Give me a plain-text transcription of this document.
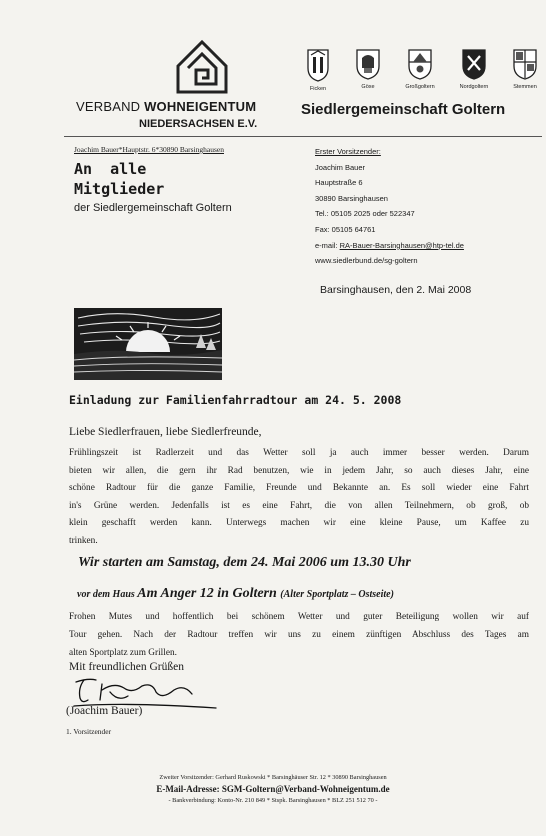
VERBAND WOHNEIGENTUM
NIEDERSACHSEN E.V.
Ficken	Göxe	Großgoltern	Nordgoltern	Stemmen
Siedlergemeinschaft Goltern
Joachim Bauer*Hauptstr. 6*30890 Barsinghausen
An  alle
Mitglieder
der Siedlergemeinschaft Goltern
Erster Vorsitzender:
Joachim Bauer
Hauptstraße 6
30890 Barsinghausen
Tel.: 05105 2025 oder 522347
Fax: 05105 64761
e-mail: RA-Bauer-Barsinghausen@htp-tel.de
www.siedlerbund.de/sg-goltern
Barsinghausen, den 2. Mai 2008
Einladung zur Familienfahrradtour am 24. 5. 2008
Liebe Siedlerfrauen, liebe Siedlerfreunde,
Frühlingszeit ist Radlerzeit und das Wetter soll ja auch immer besser werden. Darum
bieten wir allen, die gern ihr Rad benutzen, wie in jedem Jahr, so auch dieses Jahr, eine
schöne Radtour für die ganze Familie, Freunde und Bekannte an. Es soll wieder eine Fahrt
in's Grüne werden. Jedenfalls ist es eine Fahrt, die von allen Teilnehmern, ob groß, ob
klein geschafft werden kann. Unterwegs machen wir eine kleine Pause, um Kaffee zu
trinken.
Wir starten am Samstag, dem 24. Mai 2006 um 13.30 Uhr
vor dem Haus Am Anger 12 in Goltern (Alter Sportplatz – Ostseite)
Frohen Mutes und hoffentlich bei schönem Wetter und guter Beteiligung wollen wir auf
Tour gehen. Nach der Radtour treffen wir uns zu einem zünftigen Abschluss des Tages am
alten Sportplatz zum Grillen.
Mit freundlichen Grüßen
(Joachim Bauer)
1. Vorsitzender
Zweiter Vorsitzender: Gerhard Ruskowski * Barsinghäuser Str. 12 * 30890 Barsinghausen
E-Mail-Adresse: SGM-Goltern@Verband-Wohneigentum.de
- Bankverbindung: Konto-Nr. 210 849 * Stspk. Barsinghausen * BLZ 251 512 70 -
